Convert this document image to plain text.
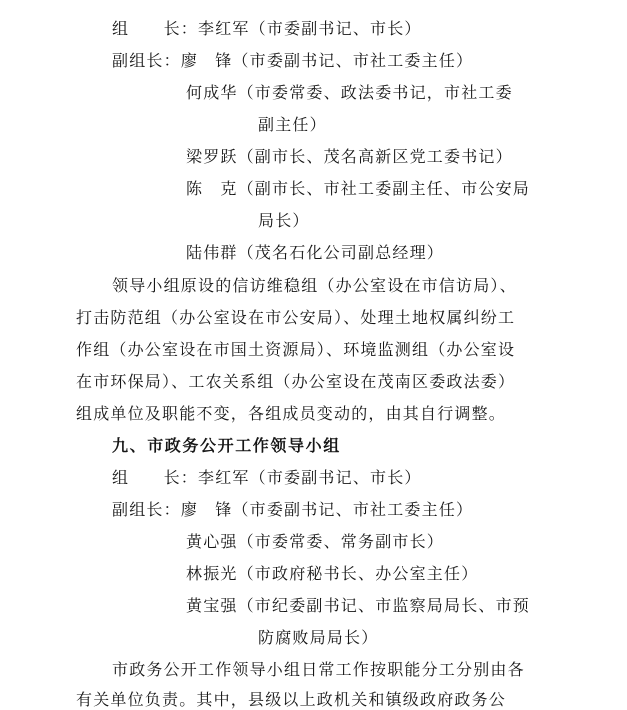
组　　长：李红军（市委副书记、市长）
副组长：廖　锋（市委副书记、市社工委主任）
何成华（市委常委、政法委书记，市社工委
副主任）
梁罗跃（副市长、茂名高新区党工委书记）
陈　克（副市长、市社工委副主任、市公安局
局长）
陆伟群（茂名石化公司副总经理）
领导小组原设的信访维稳组（办公室设在市信访局）、
打击防范组（办公室设在市公安局）、处理土地权属纠纷工
作组（办公室设在市国土资源局）、环境监测组（办公室设
在市环保局）、工农关系组（办公室设在茂南区委政法委）
组成单位及职能不变，各组成员变动的，由其自行调整。
九、市政务公开工作领导小组
组　　长：李红军（市委副书记、市长）
副组长：廖　锋（市委副书记、市社工委主任）
黄心强（市委常委、常务副市长）
林振光（市政府秘书长、办公室主任）
黄宝强（市纪委副书记、市监察局局长、市预
防腐败局局长）
市政务公开工作领导小组日常工作按职能分工分别由各
有关单位负责。其中，县级以上政机关和镇级政府政务公
